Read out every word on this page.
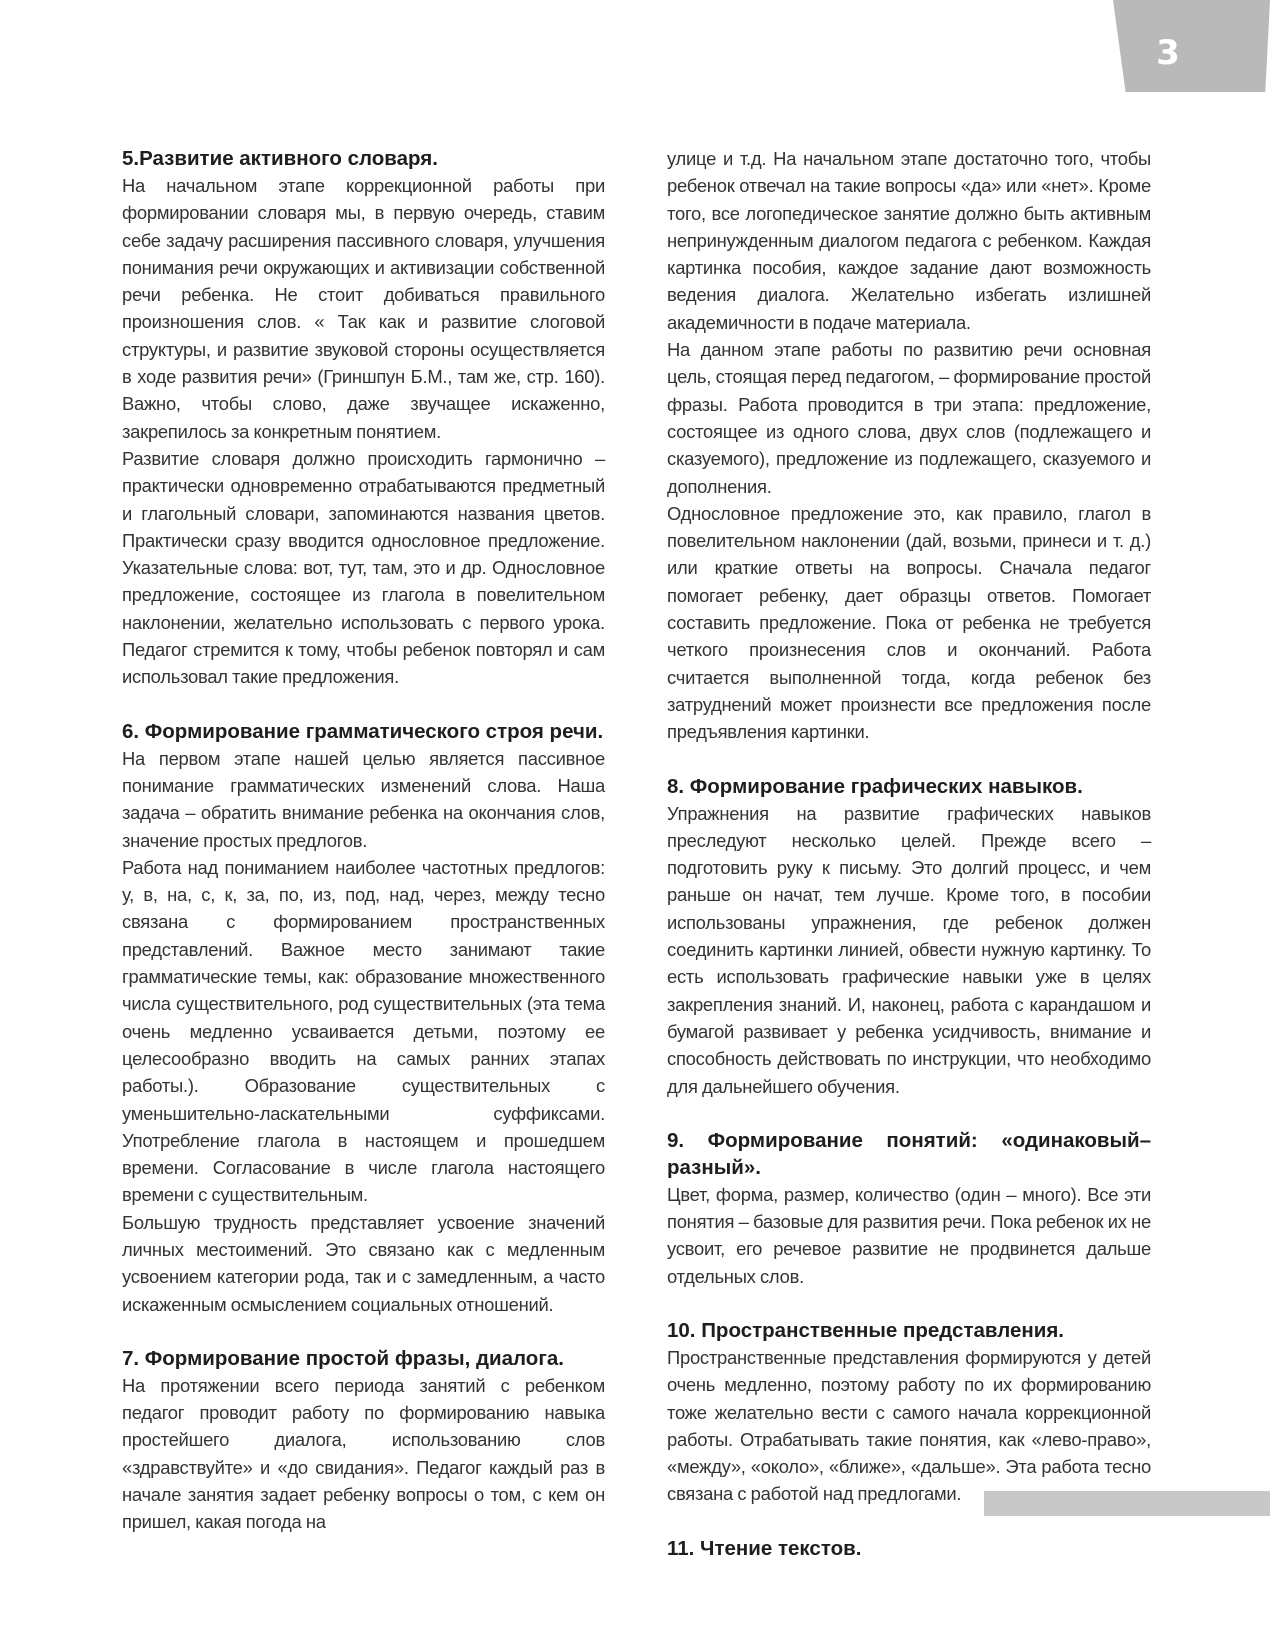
3
5.Развитие активного словаря.

На начальном этапе коррекционной работы при формировании словаря мы, в первую очередь, ставим себе задачу расширения пассивного словаря, улучшения понимания речи окружающих и активизации собственной речи ребенка. Не стоит добиваться правильного произношения слов. « Так как и развитие слоговой структуры, и развитие звуковой стороны осуществляется в ходе развития речи» (Гриншпун Б.М., там же, стр. 160). Важно, чтобы слово, даже звучащее искаженно, закрепилось за конкретным понятием.

Развитие словаря должно происходить гармонично – практически одновременно отрабатываются предметный и глагольный словари, запоминаются названия цветов. Практически сразу вводится однословное предложение. Указательные слова: вот, тут, там, это и др. Однословное предложение, состоящее из глагола в повелительном наклонении, желательно использовать с первого урока. Педагог стремится к тому, чтобы ребенок повторял и сам использовал такие предложения.

6. Формирование грамматического строя речи.

На первом этапе нашей целью является пассивное понимание грамматических изменений слова. Наша задача – обратить внимание ребенка на окончания слов, значение простых предлогов.

Работа над пониманием наиболее частотных предлогов: у, в, на, с, к, за, по, из, под, над, через, между тесно связана с формированием пространственных представлений. Важное место занимают такие грамматические темы, как: образование множественного числа существительного, род существительных (эта тема очень медленно усваивается детьми, поэтому ее целесообразно вводить на самых ранних этапах работы.). Образование существительных с уменьшительно-ласкательными суффиксами. Употребление глагола в настоящем и прошедшем времени. Согласование в числе глагола настоящего времени с существительным.

Большую трудность представляет усвоение значений личных местоимений. Это связано как с медленным усвоением категории рода, так и с замедленным, а часто искаженным осмыслением социальных отношений.

7. Формирование простой фразы, диалога.

На протяжении всего периода занятий с ребенком педагог проводит работу по формированию навыка простейшего диалога, использованию слов «здравствуйте» и «до свидания». Педагог каждый раз в начале занятия задает ребенку вопросы о том, с кем он пришел, какая погода на

улице и т.д. На начальном этапе достаточно того, чтобы ребенок отвечал на такие вопросы «да» или «нет». Кроме того, все логопедическое занятие должно быть активным непринужденным диалогом педагога с ребенком. Каждая картинка пособия, каждое задание дают возможность ведения диалога. Желательно избегать излишней академичности в подаче материала.

На данном этапе работы по развитию речи основная цель, стоящая перед педагогом, – формирование простой фразы. Работа проводится в три этапа: предложение, состоящее из одного слова, двух слов (подлежащего и сказуемого), предложение из подлежащего, сказуемого и дополнения.

Однословное предложение это, как правило, глагол в повелительном наклонении (дай, возьми, принеси и т. д.) или краткие ответы на вопросы. Сначала педагог помогает ребенку, дает образцы ответов. Помогает составить предложение. Пока от ребенка не требуется четкого произнесения слов и окончаний. Работа считается выполненной тогда, когда ребенок без затруднений может произнести все предложения после предъявления картинки.

8. Формирование графических навыков.

Упражнения на развитие графических навыков преследуют несколько целей. Прежде всего – подготовить руку к письму. Это долгий процесс, и чем раньше он начат, тем лучше. Кроме того, в пособии использованы упражнения, где ребенок должен соединить картинки линией, обвести нужную картинку. То есть использовать графические навыки уже в целях закрепления знаний. И, наконец, работа с карандашом и бумагой развивает у ребенка усидчивость, внимание и способность действовать по инструкции, что необходимо для дальнейшего обучения.

9. Формирование понятий: «одинаковый–разный».

Цвет, форма, размер, количество (один – много). Все эти понятия – базовые для развития речи. Пока ребенок их не усвоит, его речевое развитие не продвинется дальше отдельных слов.

10. Пространственные представления.

Пространственные представления формируются у детей очень медленно, поэтому работу по их формированию тоже желательно вести с самого начала коррекционной работы. Отрабатывать такие понятия, как «лево-право», «между», «около», «ближе», «дальше». Эта работа тесно связана с работой над предлогами.

11. Чтение текстов.
